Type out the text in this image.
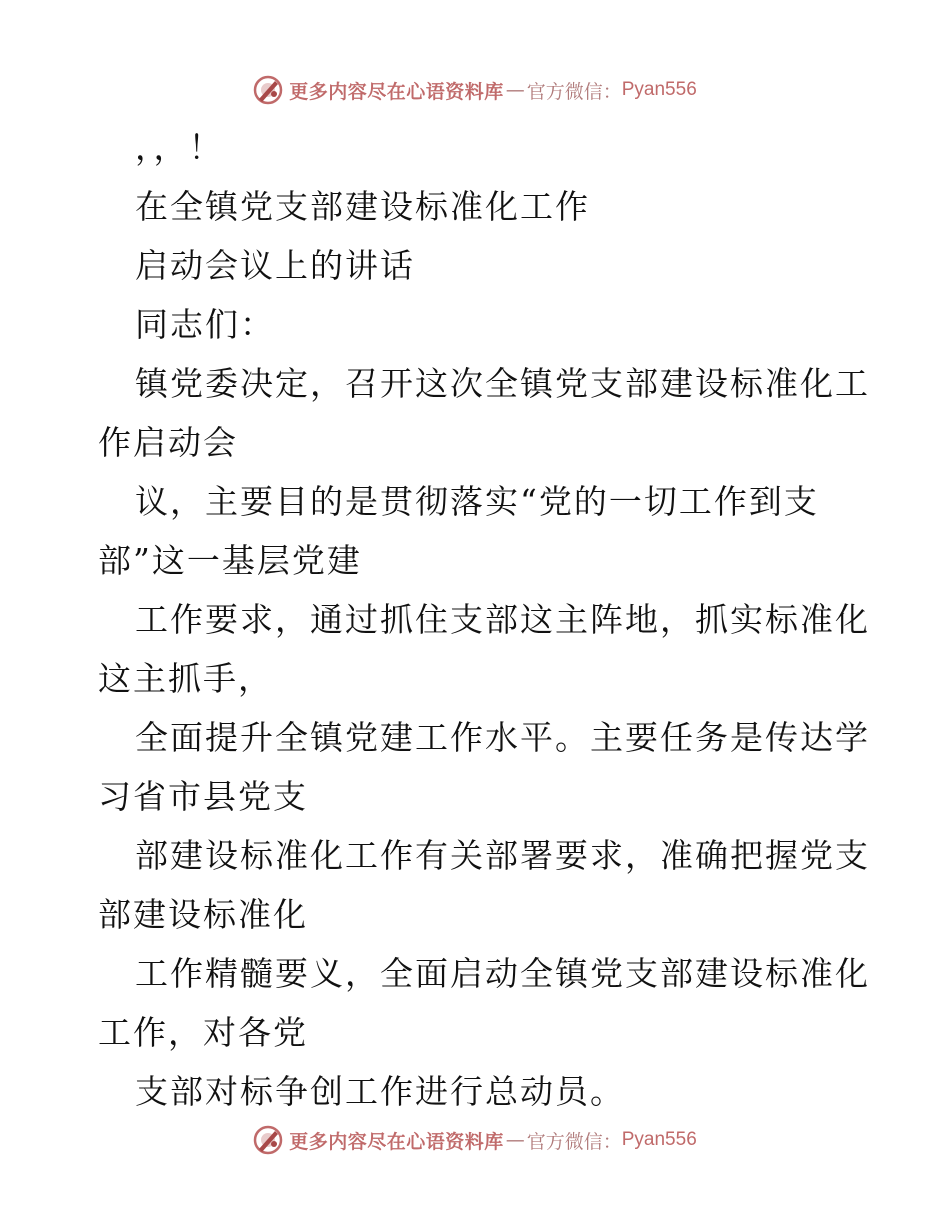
更多内容尽在心语资料库 — 官方微信： Pyan556
，，！
在全镇党支部建设标准化工作
启动会议上的讲话
同志们：
镇党委决定，召开这次全镇党支部建设标准化工
作启动会
议，主要目的是贯彻落实“党的一切工作到支
部”这一基层党建
工作要求，通过抓住支部这主阵地，抓实标准化
这主抓手，
全面提升全镇党建工作水平。主要任务是传达学
习省市县党支
部建设标准化工作有关部署要求，准确把握党支
部建设标准化
工作精髓要义，全面启动全镇党支部建设标准化
工作，对各党
支部对标争创工作进行总动员。
更多内容尽在心语资料库 — 官方微信： Pyan556
